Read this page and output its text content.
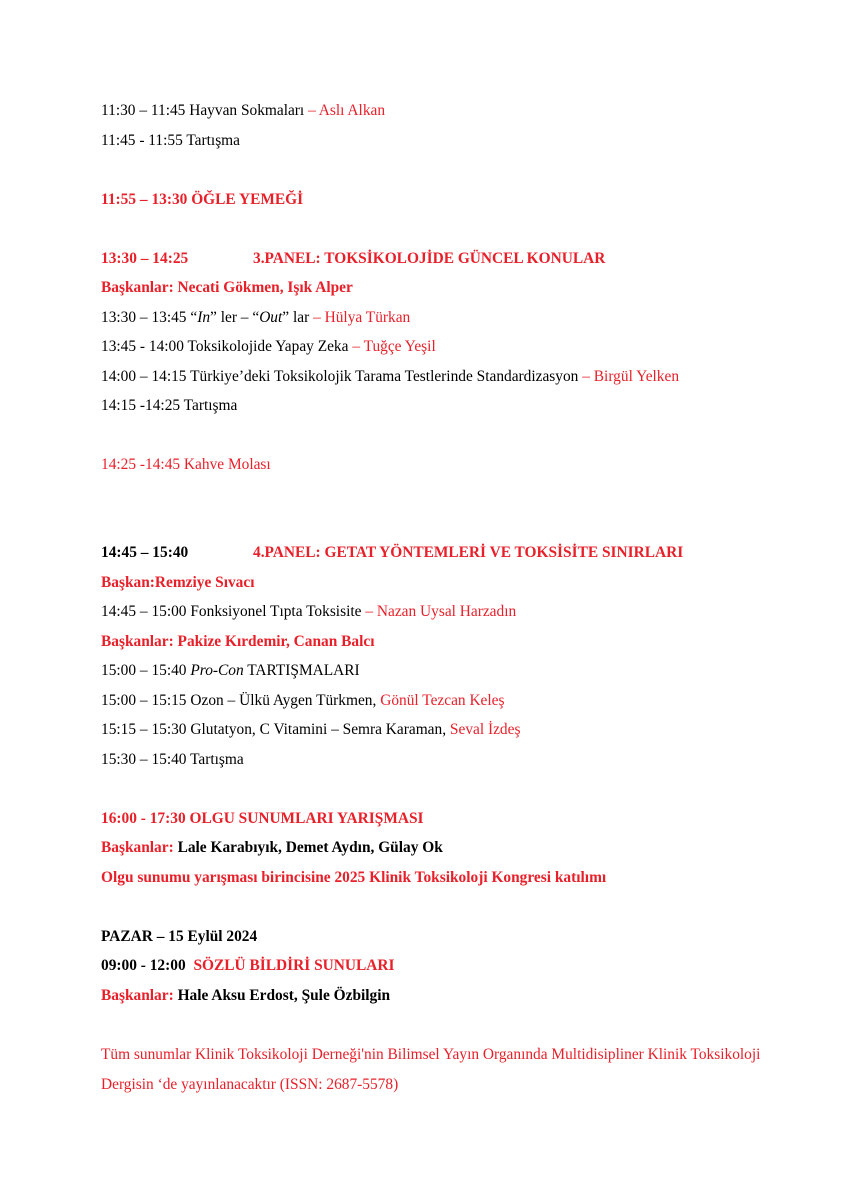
11:30 – 11:45 Hayvan Sokmaları – Aslı Alkan
11:45 - 11:55 Tartışma
11:55 – 13:30 ÖĞLE YEMEĞİ
13:30 – 14:25	3.PANEL: TOKSİKOLOJİDE GÜNCEL KONULAR
Başkanlar: Necati Gökmen, Işık Alper
13:30 – 13:45 “In” ler – “Out” lar – Hülya Türkan
13:45 - 14:00 Toksikolojide Yapay Zeka – Tuğçe Yeşil
14:00 – 14:15 Türkiye’deki Toksikolojik Tarama Testlerinde Standardizasyon – Birgül Yelken
14:15 -14:25 Tartışma
14:25 -14:45 Kahve Molası
14:45 – 15:40	4.PANEL: GETAT YÖNTEMLERİ VE TOKSİSİTE SINIRLARI
Başkan:Remziye Sıvacı
14:45 – 15:00 Fonksiyonel Tıpta Toksisite – Nazan Uysal Harzadın
Başkanlar: Pakize Kırdemir, Canan Balcı
15:00 – 15:40 Pro-Con TARTIŞMALARI
15:00 – 15:15 Ozon – Ülkü Aygen Türkmen, Gönül Tezcan Keleş
15:15 – 15:30 Glutatyon, C Vitamini – Semra Karaman, Seval İzdeş
15:30 – 15:40 Tartışma
16:00 - 17:30 OLGU SUNUMLARI YARIŞMASI
Başkanlar: Lale Karabıyık, Demet Aydın, Gülay Ok
Olgu sunumu yarışması birincisine 2025 Klinik Toksikoloji Kongresi katılımı
PAZAR – 15 Eylül 2024
09:00 - 12:00 SÖZLÜ BİLDİRİ SUNULARI
Başkanlar: Hale Aksu Erdost, Şule Özbilgin
Tüm sunumlar Klinik Toksikoloji Derneği'nin Bilimsel Yayın Organında Multidisipliner Klinik Toksikoloji Dergisin ‘de yayınlanacaktır (ISSN: 2687-5578)
